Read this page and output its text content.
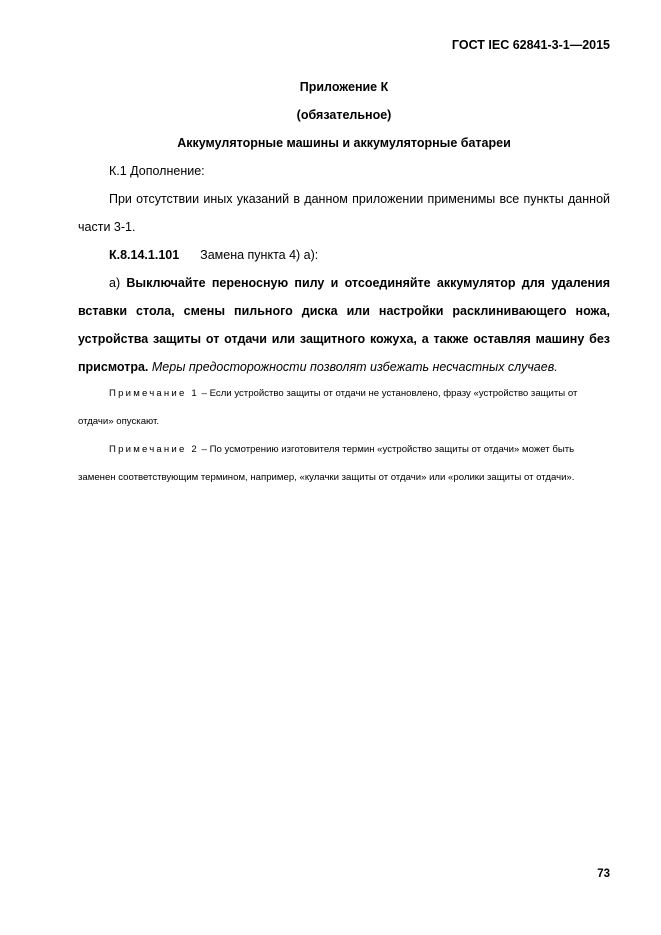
ГОСТ IEC 62841-3-1—2015
Приложение К
(обязательное)
Аккумуляторные машины и аккумуляторные батареи
К.1 Дополнение:
При отсутствии иных указаний в данном приложении применимы все пункты данной
части 3-1.
К.8.14.1.101 Замена пункта 4) а):
а) Выключайте переносную пилу и отсоединяйте аккумулятор для удаления
вставки стола, смены пильного диска или настройки расклинивающего ножа,
устройства защиты от отдачи или защитного кожуха, а также оставляя машину без
присмотра. Меры предосторожности позволят избежать несчастных случаев.
Примечание 1 – Если устройство защиты от отдачи не установлено, фразу «устройство защиты от
отдачи» опускают.
Примечание 2 – По усмотрению изготовителя термин «устройство защиты от отдачи» может быть
заменен соответствующим термином, например, «кулачки защиты от отдачи» или «ролики защиты от отдачи».
73
